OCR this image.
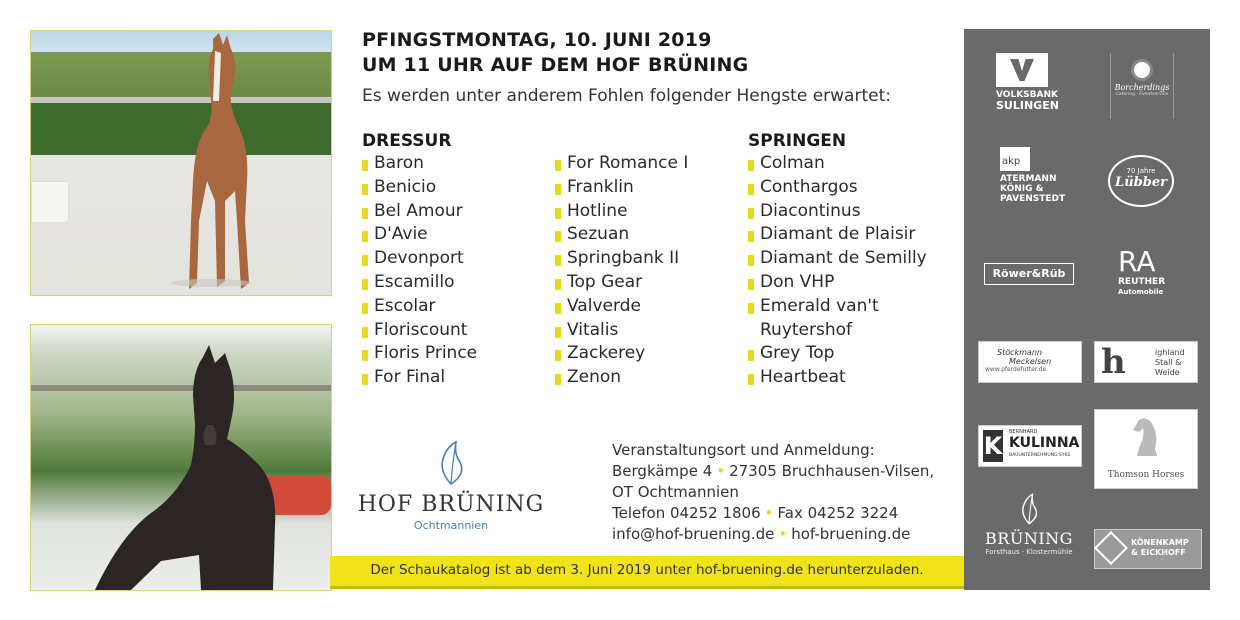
PFINGSTMONTAG, 10. JUNI 2019
UM 11 UHR AUF DEM HOF BRÜNING
Es werden unter anderem Fohlen folgender Hengste erwartet:
DRESSUR
Baron
Benicio
Bel Amour
D'Avie
Devonport
Escamillo
Escolar
Floriscount
Floris Prince
For Final
For Romance I
Franklin
Hotline
Sezuan
Springbank II
Top Gear
Valverde
Vitalis
Zackerey
Zenon
SPRINGEN
Colman
Conthargos
Diacontinus
Diamant de Plaisir
Diamant de Semilly
Don VHP
Emerald van't
Ruytershof
Grey Top
Heartbeat
HOF BRÜNING
Ochtmannien
Veranstaltungsort und Anmeldung:
Bergkämpe 4 • 27305 Bruchhausen-Vilsen,
OT Ochtmannien
Telefon 04252 1806 • Fax 04252 3224
info@hof-bruening.de • hof-bruening.de
Der Schaukatalog ist ab dem 3. Juni 2019 unter hof-bruening.de herunterzuladen.
VOLKSBANK
SULINGEN
Borcherdings
Catering · Eventservice
akp
ATERMANN
KÖNIG &
PAVENSTEDT
70 Jahre
Lübber
Röwer&Rüb RA
REUTHER
Automobile
Stöckmann
Meckelsen
www.pferdefutter.de	h	ighland
Stall &
Weide
K BERNHARD
KULINNA
BAUUNTERNEHMUNG SYKE
Thomson Horses
BRÜNING
Forsthaus · Klostermühle
KÖNENKAMP
& EICKHOFF
